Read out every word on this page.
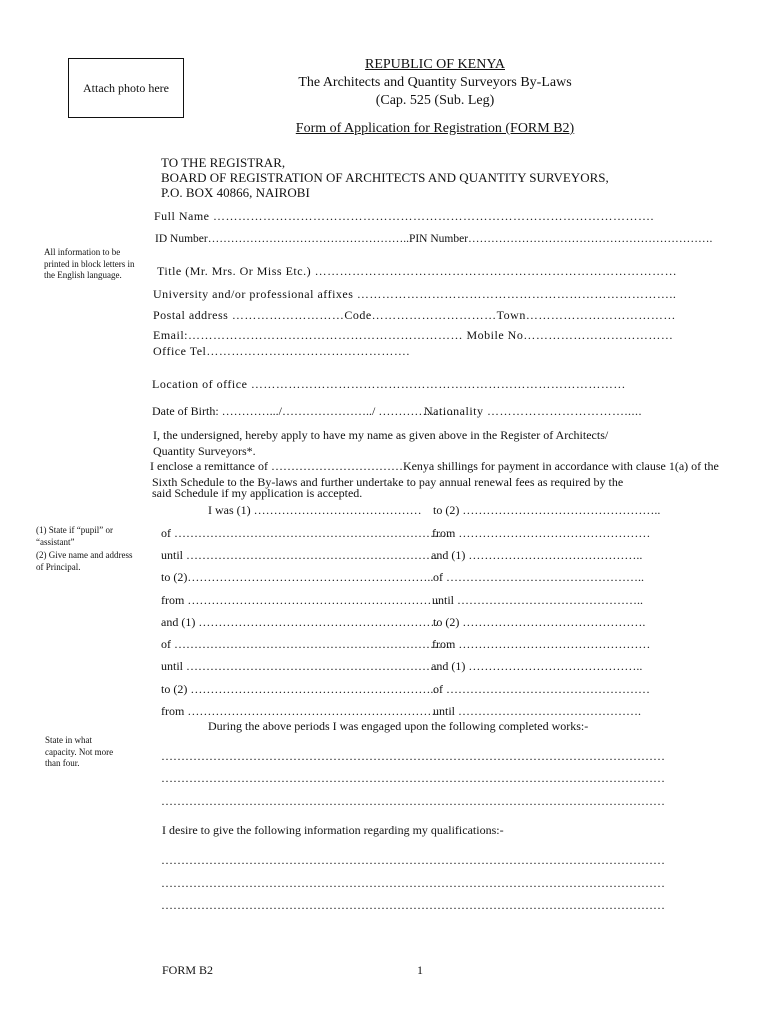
Attach photo here
REPUBLIC OF KENYA
The Architects and Quantity Surveyors By-Laws
(Cap. 525 (Sub. Leg)
Form of Application for Registration (FORM B2)
TO THE REGISTRAR,
BOARD OF REGISTRATION OF ARCHITECTS AND QUANTITY SURVEYORS,
P.O. BOX 40866, NAIROBI
All information to be printed in block letters in the English language.
(1) State if “pupil” or “assistant”
(2) Give name and address of Principal.
State in what capacity. Not more than four.
Full Name …………………………………………………………………………………………….
ID Number……………………………………………..PIN Number……………………………………………………….
Title (Mr. Mrs. Or Miss Etc.) ……………………………………………………………………………
University and/or professional affixes …………………………………………………………………..
Postal address ………………………Code…………………………Town………………………………
Email:………………………………………………………… Mobile No………………………………
Office Tel………………………………………….
Location of office ………………………………………………………………………………
Date of Birth: ………….../…………………../ ……………….
Nationality …………………………….....
I, the undersigned, hereby apply to have my name as given above in the Register of Architects/
Quantity Surveyors*.
I enclose a remittance of ……………………………Kenya shillings for payment in accordance with clause 1(a) of the
Sixth Schedule to the By-laws and further undertake to pay annual renewal fees as required by the
said Schedule if my application is accepted.
I was (1) …………………………………… to (2) …………………………………………..
of ……………………………………………………………
from …………………………………………
until ………………………………………………………
and (1) ……………………………………..
to (2)…………………………………………………….. of …………………………………………..
from ………………………………………………………
until ………………………………………..
and (1) ……………………………………………………
to (2) ……………………………………….
of ……………………………………………………………
from …………………………………………
until ………………………………………………………
and (1) ……………………………………..
to (2) ……………………………………………………..
of ……………………………………………
from ………………………………………………………
until ……………………………………….
During the above periods I was engaged upon the following completed works:-
………………………………………………………………………………………………………………
………………………………………………………………………………………………………………
………………………………………………………………………………………………………………
I desire to give the following information regarding my qualifications:-
………………………………………………………………………………………………………………
………………………………………………………………………………………………………………
………………………………………………………………………………………………………………
FORM B2	1
